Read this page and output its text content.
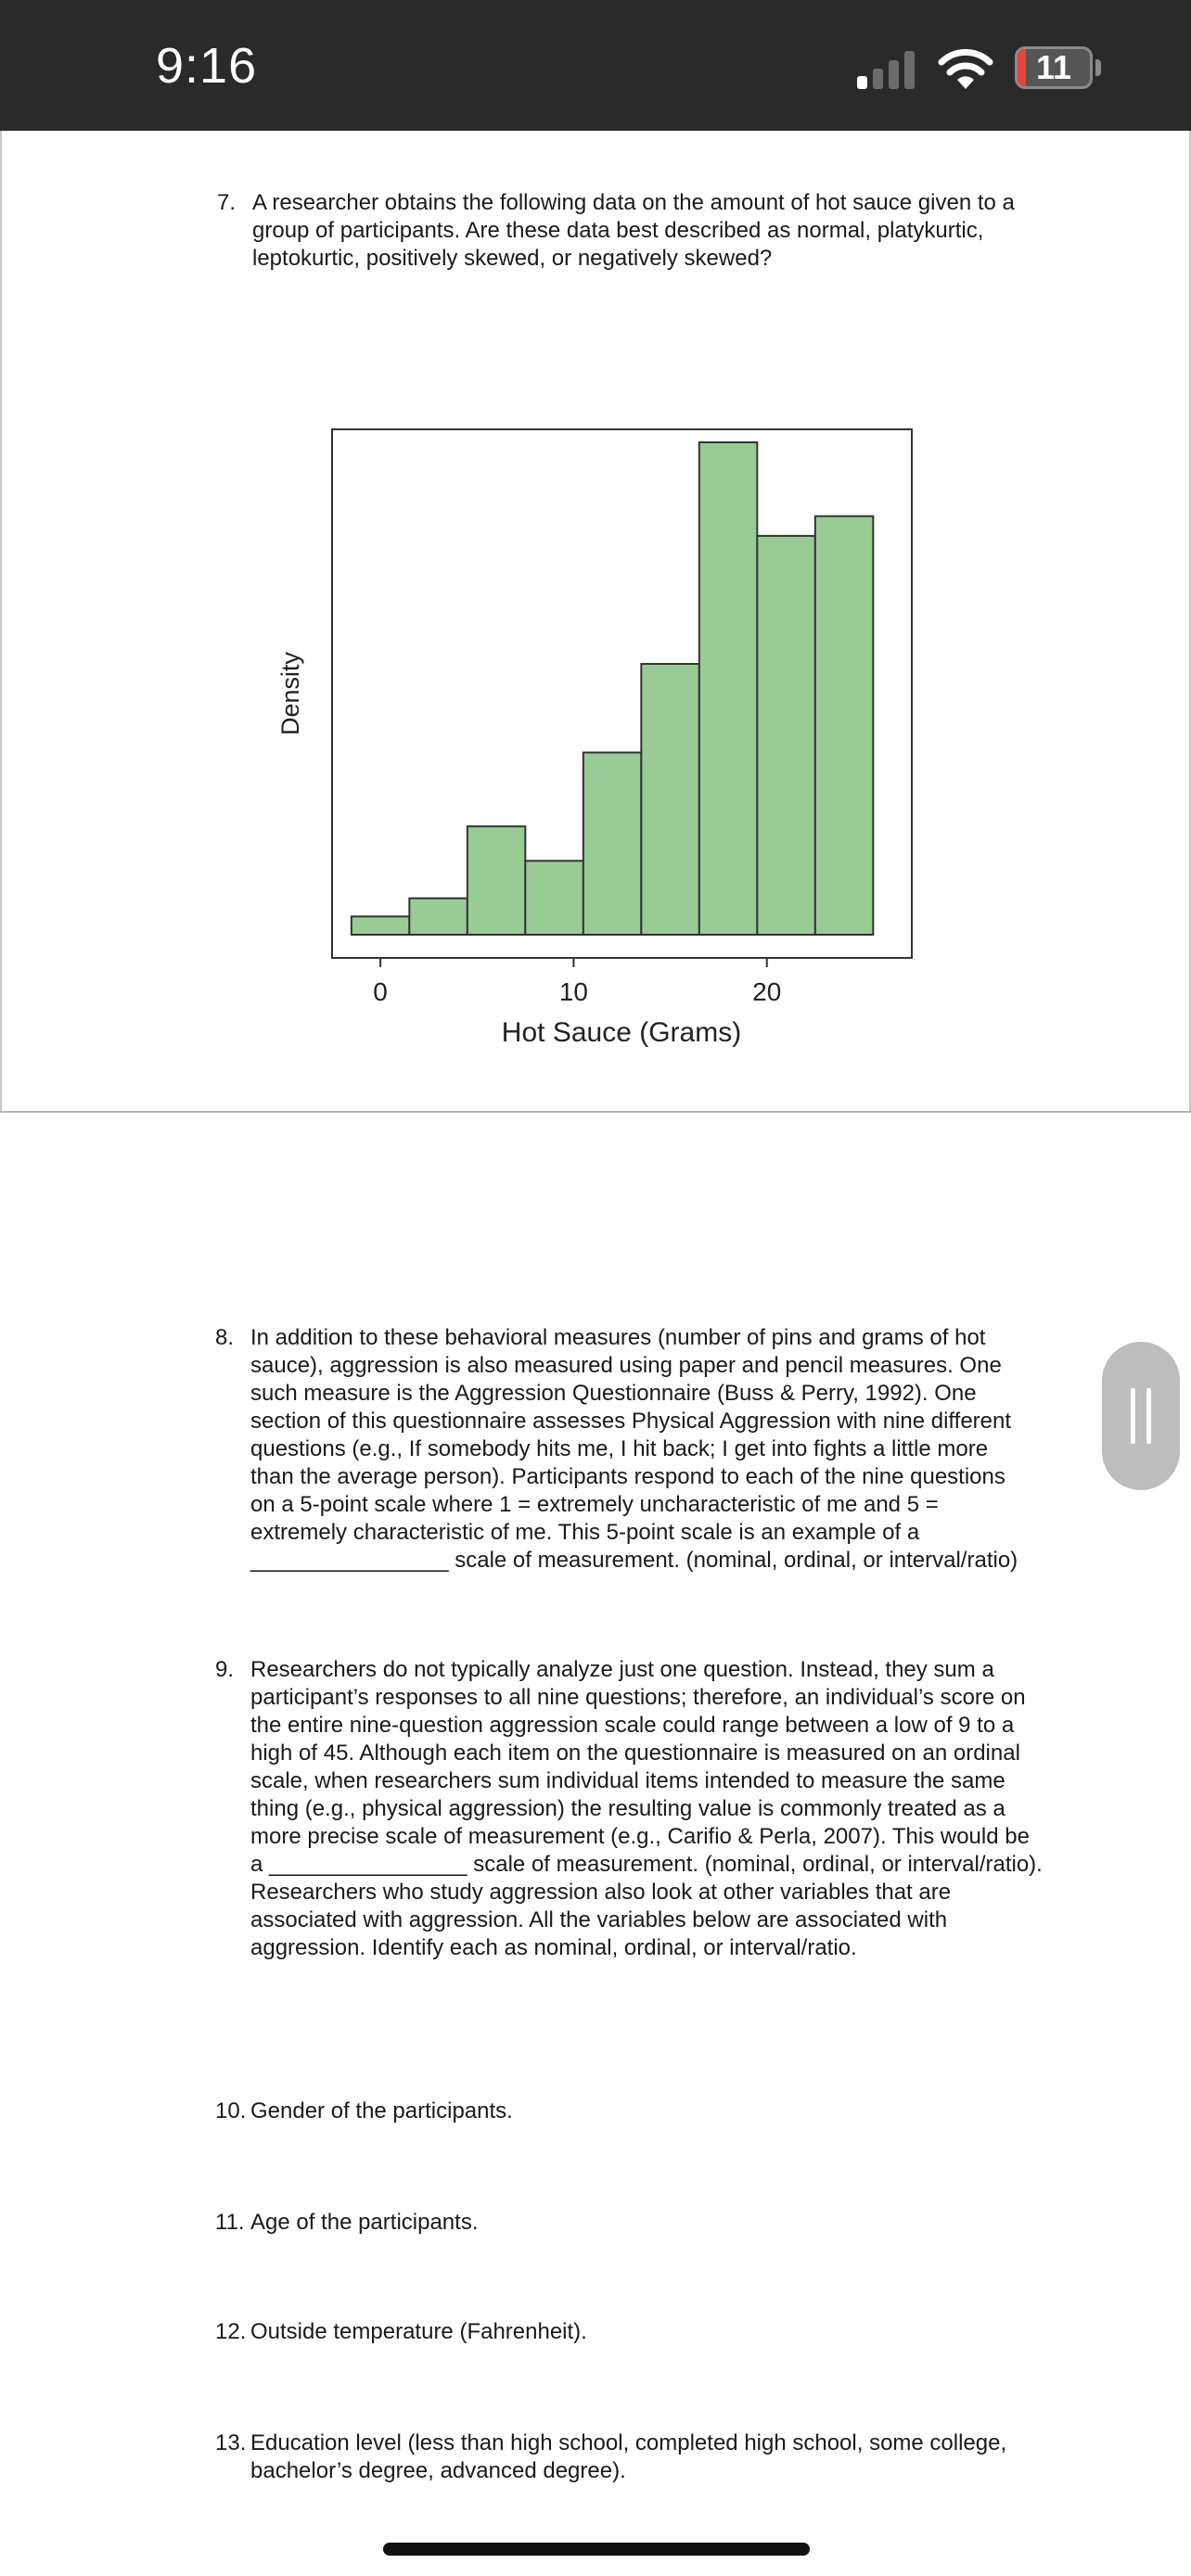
9:16	11
7. A researcher obtains the following data on the amount of hot sauce given to a
group of participants. Are these data best described as normal, platykurtic,
leptokurtic, positively skewed, or negatively skewed?
0	10	20
Density
Hot Sauce (Grams)
8. In addition to these behavioral measures (number of pins and grams of hot
sauce), aggression is also measured using paper and pencil measures. One
such measure is the Aggression Questionnaire (Buss & Perry, 1992). One
section of this questionnaire assesses Physical Aggression with nine different
questions (e.g., If somebody hits me, I hit back; I get into fights a little more
than the average person). Participants respond to each of the nine questions
on a 5-point scale where 1 = extremely uncharacteristic of me and 5 =
extremely characteristic of me. This 5-point scale is an example of a
________________ scale of measurement. (nominal, ordinal, or interval/ratio)
9. Researchers do not typically analyze just one question. Instead, they sum a
participant’s responses to all nine questions; therefore, an individual’s score on
the entire nine-question aggression scale could range between a low of 9 to a
high of 45. Although each item on the questionnaire is measured on an ordinal
scale, when researchers sum individual items intended to measure the same
thing (e.g., physical aggression) the resulting value is commonly treated as a
more precise scale of measurement (e.g., Carifio & Perla, 2007). This would be
a ________________ scale of measurement. (nominal, ordinal, or interval/ratio).
Researchers who study aggression also look at other variables that are
associated with aggression. All the variables below are associated with
aggression. Identify each as nominal, ordinal, or interval/ratio.
10. Gender of the participants.
11. Age of the participants.
12. Outside temperature (Fahrenheit).
13. Education level (less than high school, completed high school, some college,
bachelor’s degree, advanced degree).
